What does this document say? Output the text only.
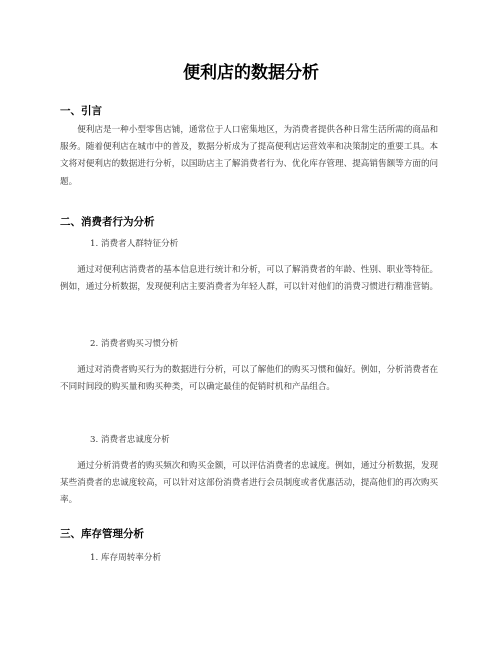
便利店的数据分析
一、引言
便利店是一种小型零售店铺，通常位于人口密集地区，为消费者提供各种日常生活所需的商品和服务。随着便利店在城市中的普及，数据分析成为了提高便利店运营效率和决策制定的重要工具。本文将对便利店的数据进行分析，以国助店主了解消费者行为、优化库存管理、提高销售额等方面的问题。
二、消费者行为分析
1. 消费者人群特征分析
通过对便利店消费者的基本信息进行统计和分析，可以了解消费者的年龄、性别、职业等特征。例如，通过分析数据，发现便利店主要消费者为年轻人群，可以针对他们的消费习惯进行精准营销。
2. 消费者购买习惯分析
通过对消费者购买行为的数据进行分析，可以了解他们的购买习惯和偏好。例如，分析消费者在不同时间段的购买量和购买种类，可以确定最佳的促销时机和产品组合。
3. 消费者忠诚度分析
通过分析消费者的购买频次和购买金额，可以评估消费者的忠诚度。例如，通过分析数据，发现某些消费者的忠诚度较高，可以针对这部份消费者进行会员制度或者优惠活动，提高他们的再次购买率。
三、库存管理分析
1. 库存周转率分析
